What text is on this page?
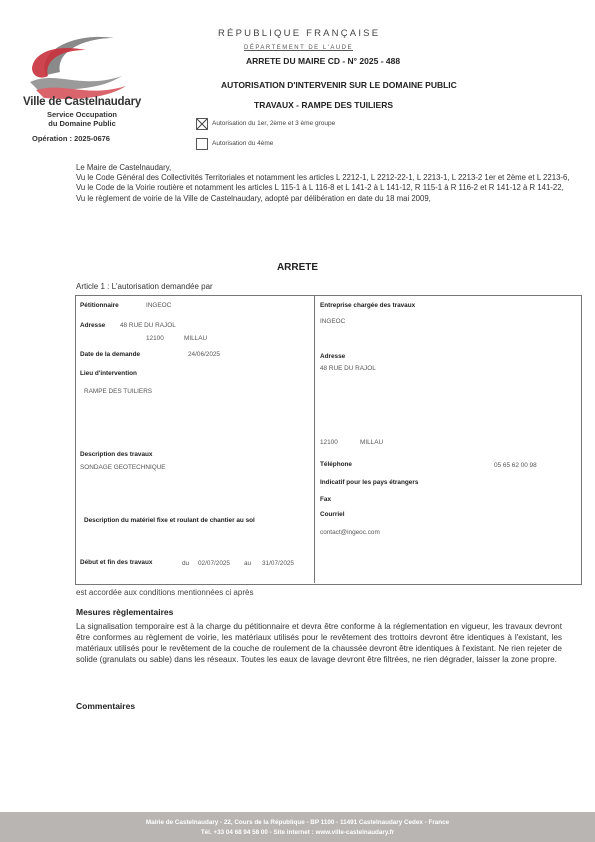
Ville de Castelnaudary
Service Occupation
du Domaine Public
Opération : 2025-0676
RÉPUBLIQUE FRANÇAISE
DÉPARTEMENT DE L'AUDE
ARRETE DU MAIRE CD - N° 2025 - 488
AUTORISATION D'INTERVENIR SUR LE DOMAINE PUBLIC
TRAVAUX - RAMPE DES TUILIERS
Autorisation du 1er, 2ème et 3 ème groupe
Autorisation du 4ème

Le Maire de Castelnaudary,

Vu le Code Général des Collectivités Territoriales et notamment les articles L 2212-1, L 2212-22-1, L 2213-1, L 2213-2 1er et 2ème et L 2213-6,

Vu le Code de la Voirie routière et notamment les articles L 115-1 à L 116-8 et L 141-2 à L 141-12, R 115-1 à R 116-2 et R 141-12 à R 141-22,

Vu le règlement de voirie de la Ville de Castelnaudary, adopté par délibération en date du 18 mai 2009,

ARRETE
Article 1 : L'autorisation demandée par
Pétitionnaire	INGEOC
Adresse 48 RUE DU RAJOL
12100	MILLAU
Date de la demande	24/06/2025
Lieu d'intervention
RAMPE DES TUILIERS
Description des travaux
SONDAGE GEOTECHNIQUE
Description du matériel fixe et roulant de chantier au sol
Début et fin des travaux	du 02/07/2025 au 31/07/2025
Entreprise chargée des travaux
INGEOC
Adresse
48 RUE DU RAJOL
12100	MILLAU
Téléphone	05 65 62 00 98
Indicatif pour les pays étrangers
Fax
Courriel
contact@ingeoc.com
est accordée aux conditions mentionnées ci après
Mesures règlementaires
La signalisation temporaire est à la charge du pétitionnaire et devra être conforme à la réglementation en vigueur, les travaux devront être conformes au règlement de voirie, les matériaux utilisés pour le revêtement des trottoirs devront être identiques à l'existant, les matériaux utilisés pour le revêtement de la couche de roulement de la chaussée devront être identiques à l'existant. Ne rien rejeter de solide (granulats ou sable) dans les réseaux. Toutes les eaux de lavage devront être filtrées, ne rien dégrader, laisser la zone propre.
Commentaires
Mairie de Castelnaudary - 22, Cours de la République - BP 1100 - 11491 Castelnaudary Cedex - France
Tél. +33 04 68 94 58 00 - Site internet : www.ville-castelnaudary.fr
